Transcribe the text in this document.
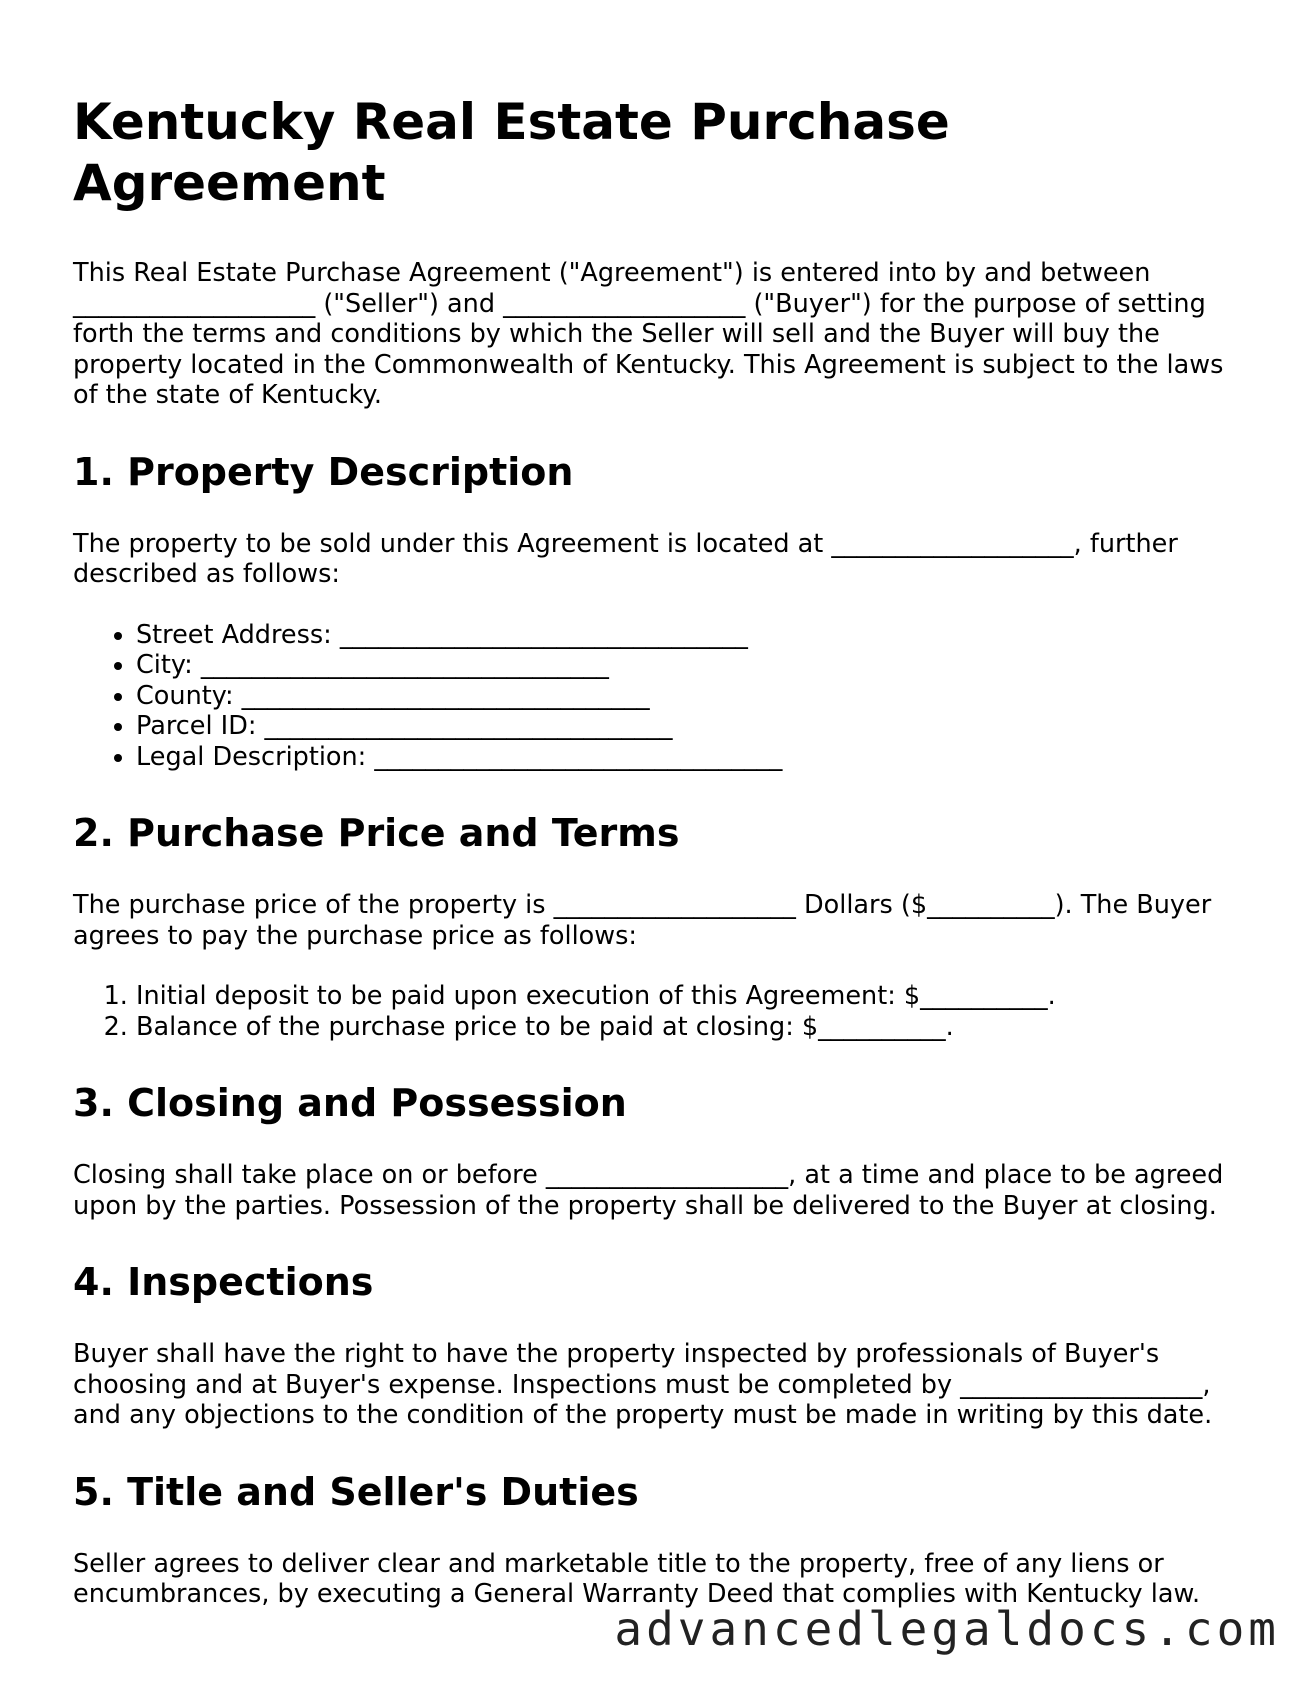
Kentucky Real Estate Purchase Agreement

This Real Estate Purchase Agreement ("Agreement") is entered into by and between ___________________ ("Seller") and ___________________ ("Buyer") for the purpose of setting forth the terms and conditions by which the Seller will sell and the Buyer will buy the property located in the Commonwealth of Kentucky. This Agreement is subject to the laws of the state of Kentucky.

1. Property Description

The property to be sold under this Agreement is located at ___________________, further described as follows:

• Street Address: ________________________________
• City: ________________________________
• County: ________________________________
• Parcel ID: ________________________________
• Legal Description: ________________________________
2. Purchase Price and Terms

The purchase price of the property is ___________________ Dollars ($__________). The Buyer agrees to pay the purchase price as follows:

1. Initial deposit to be paid upon execution of this Agreement: $__________.
2. Balance of the purchase price to be paid at closing: $__________.
3. Closing and Possession

Closing shall take place on or before ___________________, at a time and place to be agreed upon by the parties. Possession of the property shall be delivered to the Buyer at closing.

4. Inspections

Buyer shall have the right to have the property inspected by professionals of Buyer's choosing and at Buyer's expense. Inspections must be completed by ___________________, and any objections to the condition of the property must be made in writing by this date.

5. Title and Seller's Duties

Seller agrees to deliver clear and marketable title to the property, free of any liens or encumbrances, by executing a General Warranty Deed that complies with Kentucky law.

advancedlegaldocs.com
